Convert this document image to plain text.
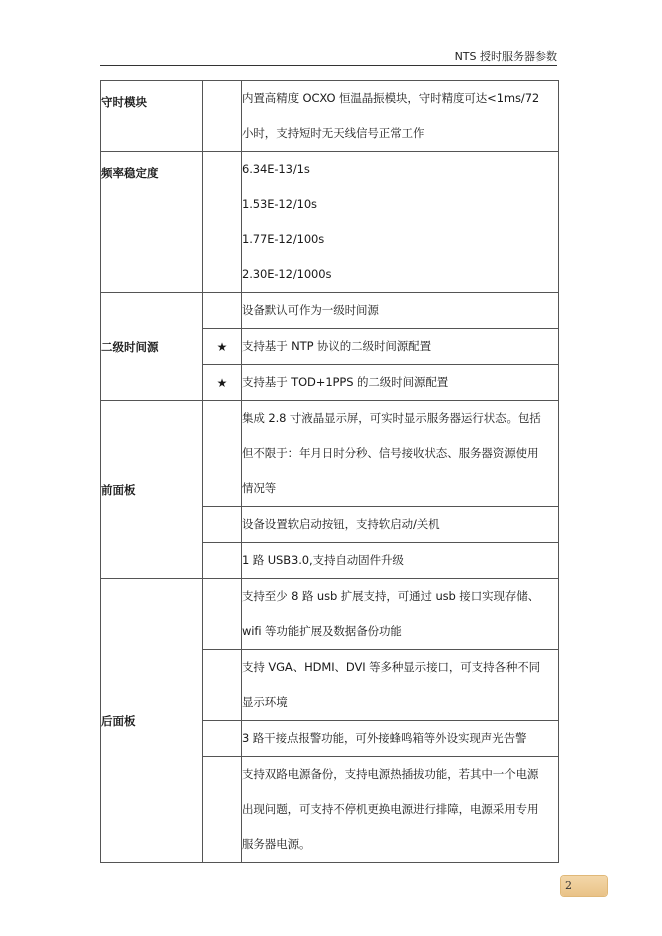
NTS 授时服务器参数
守时模块		内置高精度 OCXO 恒温晶振模块，守时精度可达<1ms/72
小时，支持短时无天线信号正常工作

频率稳定度		6.34E-13/1s
1.53E-12/10s
1.77E-12/100s
2.30E-12/1000s

二级时间源		设备默认可作为一级时间源

	★	支持基于 NTP 协议的二级时间源配置

	★	支持基于 TOD+1PPS 的二级时间源配置

前面板		集成 2.8 寸液晶显示屏，可实时显示服务器运行状态。包括
但不限于：年月日时分秒、信号接收状态、服务器资源使用
情况等

		设备设置软启动按钮，支持软启动/关机

		1 路 USB3.0,支持自动固件升级

后面板		支持至少 8 路 usb 扩展支持，可通过 usb 接口实现存储、
wifi 等功能扩展及数据备份功能

		支持 VGA、HDMI、DVI 等多种显示接口，可支持各种不同
显示环境

		3 路干接点报警功能，可外接蜂鸣箱等外设实现声光告警

		支持双路电源备份，支持电源热插拔功能，若其中一个电源
出现问题，可支持不停机更换电源进行排障，电源采用专用
服务器电源。
2
